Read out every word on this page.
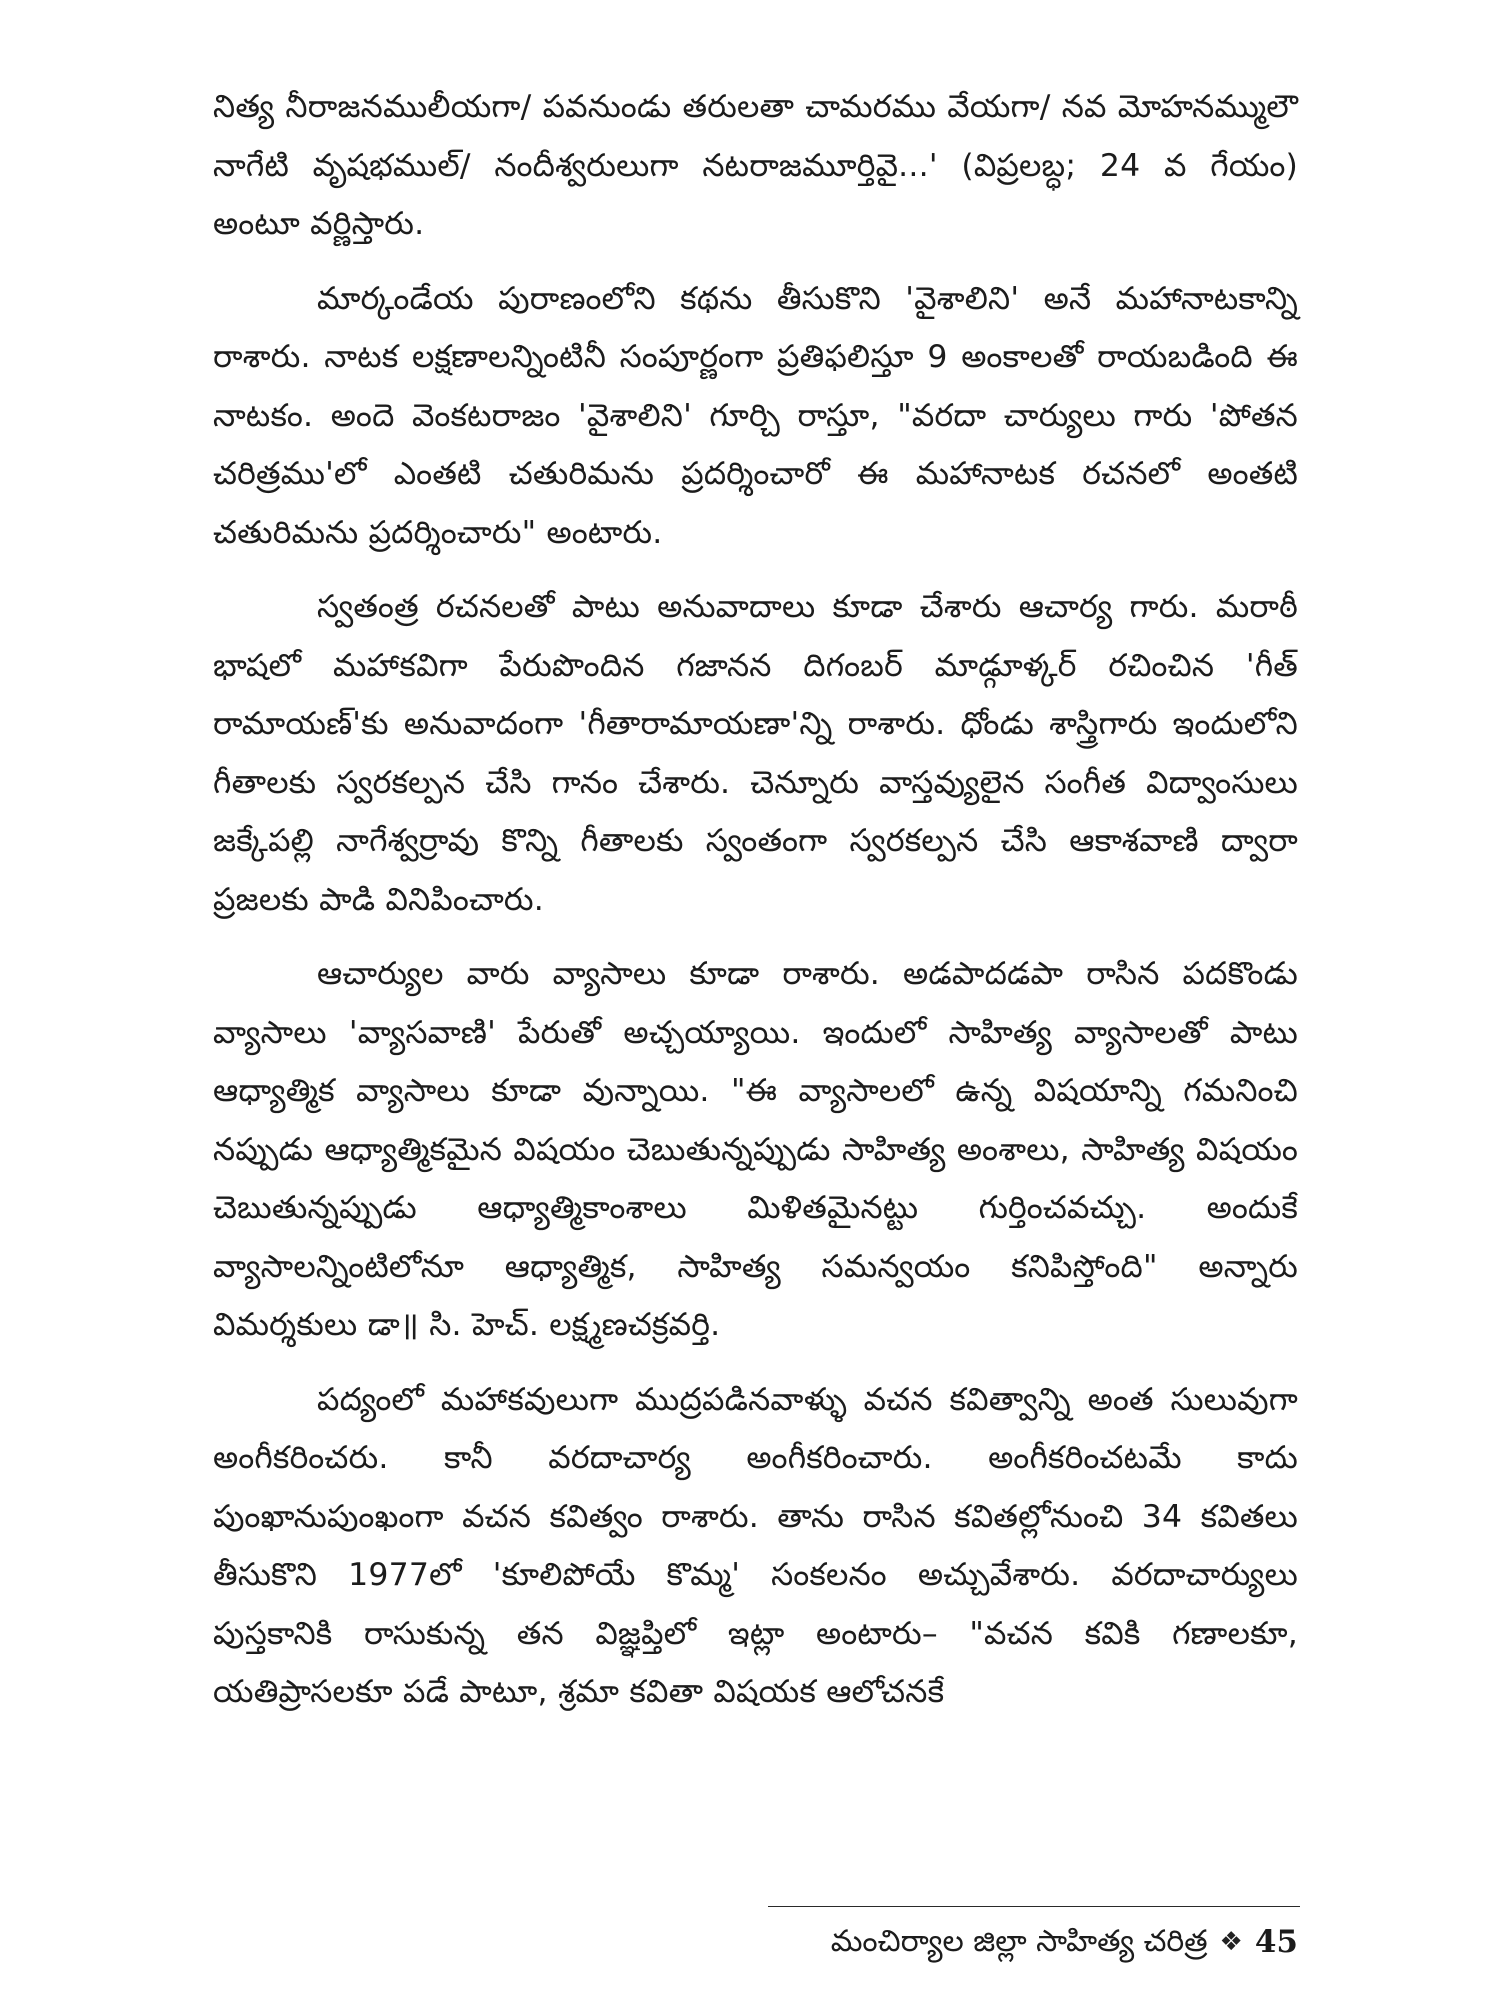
నిత్య నీరాజనములీయగా/ పవనుండు తరులతా చామరము వేయగా/ నవ మోహనమ్ములౌ నాగేటి వృషభముల్/ నందీశ్వరులుగా నటరాజమూర్తివై...' (విప్రలబ్ధ; 24 వ గేయం) అంటూ వర్ణిస్తారు.

మార్కండేయ పురాణంలోని కథను తీసుకొని 'వైశాలిని' అనే మహానాటకాన్ని రాశారు. నాటక లక్షణాలన్నింటినీ సంపూర్ణంగా ప్రతిఫలిస్తూ 9 అంకాలతో రాయబడింది ఈ నాటకం. అందె వెంకటరాజం 'వైశాలిని' గూర్చి రాస్తూ, "వరదా చార్యులు గారు 'పోతన చరిత్రము'లో ఎంతటి చతురిమను ప్రదర్శించారో ఈ మహానాటక రచనలో అంతటి చతురిమను ప్రదర్శించారు" అంటారు.

స్వతంత్ర రచనలతో పాటు అనువాదాలు కూడా చేశారు ఆచార్య గారు. మరాఠీ భాషలో మహాకవిగా పేరుపొందిన గజానన దిగంబర్ మాడ్గూళ్కర్ రచించిన 'గీత్ రామాయణ్'కు అనువాదంగా 'గీతారామాయణా'న్ని రాశారు. ధోండు శాస్త్రిగారు ఇందులోని గీతాలకు స్వరకల్పన చేసి గానం చేశారు. చెన్నూరు వాస్తవ్యులైన సంగీత విద్వాంసులు జక్కేపల్లి నాగేశ్వర్రావు కొన్ని గీతాలకు స్వంతంగా స్వరకల్పన చేసి ఆకాశవాణి ద్వారా ప్రజలకు పాడి వినిపించారు.

ఆచార్యుల వారు వ్యాసాలు కూడా రాశారు. అడపాదడపా రాసిన పదకొండు వ్యాసాలు 'వ్యాసవాణి' పేరుతో అచ్చయ్యాయి. ఇందులో సాహిత్య వ్యాసాలతో పాటు ఆధ్యాత్మిక వ్యాసాలు కూడా వున్నాయి. "ఈ వ్యాసాలలో ఉన్న విషయాన్ని గమనించి నప్పుడు ఆధ్యాత్మికమైన విషయం చెబుతున్నప్పుడు సాహిత్య అంశాలు, సాహిత్య విషయం చెబుతున్నప్పుడు ఆధ్యాత్మికాంశాలు మిళితమైనట్టు గుర్తించవచ్చు. అందుకే వ్యాసాలన్నింటిలోనూ ఆధ్యాత్మిక, సాహిత్య సమన్వయం కనిపిస్తోంది" అన్నారు విమర్శకులు డా॥ సి. హెచ్. లక్ష్మణచక్రవర్తి.

పద్యంలో మహాకవులుగా ముద్రపడినవాళ్ళు వచన కవిత్వాన్ని అంత సులువుగా అంగీకరించరు. కానీ వరదాచార్య అంగీకరించారు. అంగీకరించటమే కాదు పుంఖానుపుంఖంగా వచన కవిత్వం రాశారు. తాను రాసిన కవితల్లోనుంచి 34 కవితలు తీసుకొని 1977లో 'కూలిపోయే కొమ్మ' సంకలనం అచ్చువేశారు. వరదాచార్యులు పుస్తకానికి రాసుకున్న తన విజ్ఞప్తిలో ఇట్లా అంటారు– "వచన కవికి గణాలకూ, యతిప్రాసలకూ పడే పాటూ, శ్రమా కవితా విషయక ఆలోచనకే

మంచిర్యాల జిల్లా సాహిత్య చరిత్ర ❖ 45
